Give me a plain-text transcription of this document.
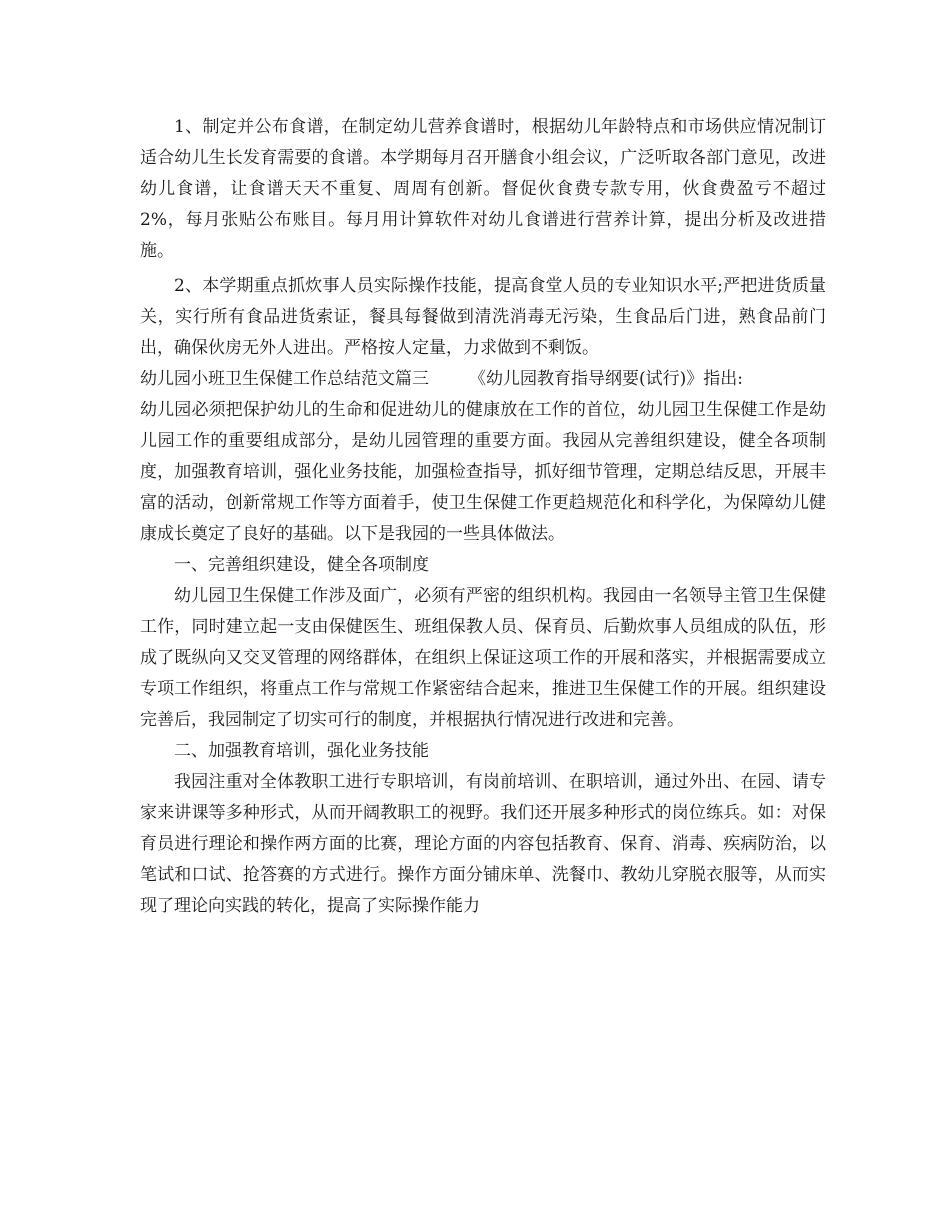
1、制定并公布食谱，在制定幼儿营养食谱时，根据幼儿年龄特点和市场供应情况制订适合幼儿生长发育需要的食谱。本学期每月召开膳食小组会议，广泛听取各部门意见，改进幼儿食谱，让食谱天天不重复、周周有创新。督促伙食费专款专用，伙食费盈亏不超过 2%，每月张贴公布账目。每月用计算软件对幼儿食谱进行营养计算，提出分析及改进措施。

2、本学期重点抓炊事人员实际操作技能，提高食堂人员的专业知识水平;严把进货质量关，实行所有食品进货索证，餐具每餐做到清洗消毒无污染，生食品后门进，熟食品前门出，确保伙房无外人进出。严格按人定量，力求做到不剩饭。

幼儿园小班卫生保健工作总结范文篇三 《幼儿园教育指导纲要(试行)》指出:

幼儿园必须把保护幼儿的生命和促进幼儿的健康放在工作的首位，幼儿园卫生保健工作是幼儿园工作的重要组成部分，是幼儿园管理的重要方面。我园从完善组织建设，健全各项制度，加强教育培训，强化业务技能，加强检查指导，抓好细节管理，定期总结反思，开展丰富的活动，创新常规工作等方面着手，使卫生保健工作更趋规范化和科学化，为保障幼儿健康成长奠定了良好的基础。以下是我园的一些具体做法。

一、完善组织建设，健全各项制度

幼儿园卫生保健工作涉及面广，必须有严密的组织机构。我园由一名领导主管卫生保健工作，同时建立起一支由保健医生、班组保教人员、保育员、后勤炊事人员组成的队伍，形成了既纵向又交叉管理的网络群体，在组织上保证这项工作的开展和落实，并根据需要成立专项工作组织，将重点工作与常规工作紧密结合起来，推进卫生保健工作的开展。组织建设完善后，我园制定了切实可行的制度，并根据执行情况进行改进和完善。

二、加强教育培训，强化业务技能

我园注重对全体教职工进行专职培训，有岗前培训、在职培训，通过外出、在园、请专家来讲课等多种形式，从而开阔教职工的视野。我们还开展多种形式的岗位练兵。如：对保育员进行理论和操作两方面的比赛，理论方面的内容包括教育、保育、消毒、疾病防治，以笔试和口试、抢答赛的方式进行。操作方面分铺床单、洗餐巾、教幼儿穿脱衣服等，从而实现了理论向实践的转化，提高了实际操作能力
